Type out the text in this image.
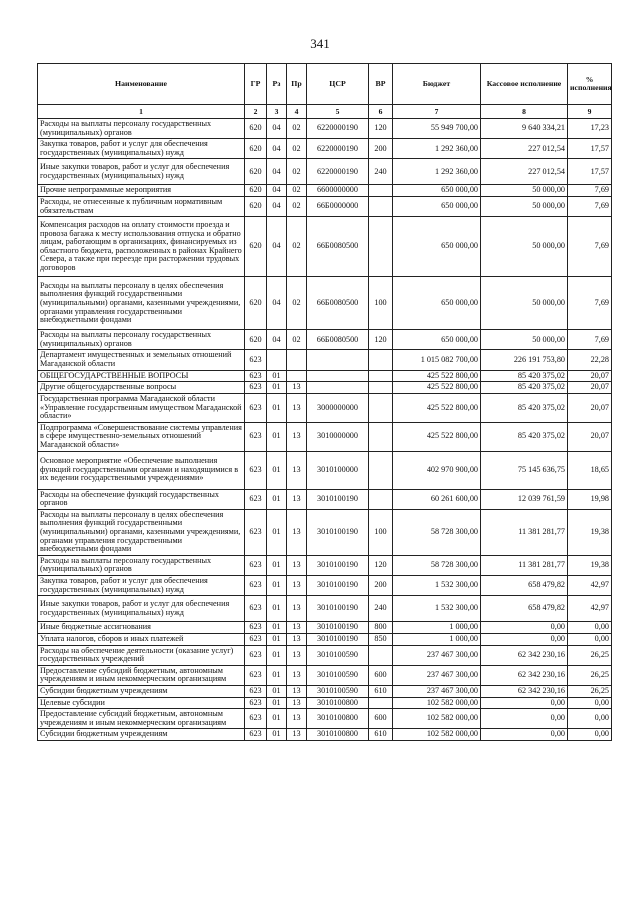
341
Наименование	ГР	Рз	Пр	ЦСР	ВР	Бюджет	Кассовое исполнение	% исполнения
1	2	3	4	5	6	7	8	9
Расходы на выплаты персоналу государственных (муниципальных) органов	620	04	02	6220000190	120	55 949 700,00	9 640 334,21	17,23
Закупка товаров, работ и услуг для обеспечения государственных (муниципальных) нужд	620	04	02	6220000190	200	1 292 360,00	227 012,54	17,57
Иные закупки товаров, работ и услуг для обеспечения государственных (муниципальных) нужд	620	04	02	6220000190	240	1 292 360,00	227 012,54	17,57
Прочие непрограммные мероприятия	620	04	02	6600000000		650 000,00	50 000,00	7,69
Расходы, не отнесенные к публичным нормативным обязательствам	620	04	02	66Б0000000		650 000,00	50 000,00	7,69
Компенсация расходов на оплату стоимости проезда и провоза багажа к месту использования отпуска и обратно лицам, работающим в организациях, финансируемых из областного бюджета, расположенных в районах Крайнего Севера, а также при переезде при расторжении трудовых договоров	620	04	02	66Б0080500		650 000,00	50 000,00	7,69
Расходы на выплаты персоналу в целях обеспечения выполнения функций государственными (муниципальными) органами, казенными учреждениями, органами управления государственными внебюджетными фондами	620	04	02	66Б0080500	100	650 000,00	50 000,00	7,69
Расходы на выплаты персоналу государственных (муниципальных) органов	620	04	02	66Б0080500	120	650 000,00	50 000,00	7,69
Департамент имущественных и земельных отношений Магаданской области	623					1 015 082 700,00	226 191 753,80	22,28
ОБЩЕГОСУДАРСТВЕННЫЕ ВОПРОСЫ	623	01				425 522 800,00	85 420 375,02	20,07
Другие общегосударственные вопросы	623	01	13			425 522 800,00	85 420 375,02	20,07
Государственная программа Магаданской области «Управление государственным имуществом Магаданской области»	623	01	13	3000000000		425 522 800,00	85 420 375,02	20,07
Подпрограмма «Совершенствование системы управления в сфере имущественно-земельных отношений Магаданской области»	623	01	13	3010000000		425 522 800,00	85 420 375,02	20,07
Основное мероприятие «Обеспечение выполнения функций государственными органами и находящимися в их ведении государственными учреждениями»	623	01	13	3010100000		402 970 900,00	75 145 636,75	18,65
Расходы на обеспечение функций государственных органов	623	01	13	3010100190		60 261 600,00	12 039 761,59	19,98
Расходы на выплаты персоналу в целях обеспечения выполнения функций государственными (муниципальными) органами, казенными учреждениями, органами управления государственными внебюджетными фондами	623	01	13	3010100190	100	58 728 300,00	11 381 281,77	19,38
Расходы на выплаты персоналу государственных (муниципальных) органов	623	01	13	3010100190	120	58 728 300,00	11 381 281,77	19,38
Закупка товаров, работ и услуг для обеспечения государственных (муниципальных) нужд	623	01	13	3010100190	200	1 532 300,00	658 479,82	42,97
Иные закупки товаров, работ и услуг для обеспечения государственных (муниципальных) нужд	623	01	13	3010100190	240	1 532 300,00	658 479,82	42,97
Иные бюджетные ассигнования	623	01	13	3010100190	800	1 000,00	0,00	0,00
Уплата налогов, сборов и иных платежей	623	01	13	3010100190	850	1 000,00	0,00	0,00
Расходы на обеспечение деятельности (оказание услуг) государственных учреждений	623	01	13	3010100590		237 467 300,00	62 342 230,16	26,25
Предоставление субсидий бюджетным, автономным учреждениям и иным некоммерческим организациям	623	01	13	3010100590	600	237 467 300,00	62 342 230,16	26,25
Субсидии бюджетным учреждениям	623	01	13	3010100590	610	237 467 300,00	62 342 230,16	26,25
Целевые субсидии	623	01	13	3010100800		102 582 000,00	0,00	0,00
Предоставление субсидий бюджетным, автономным учреждениям и иным некоммерческим организациям	623	01	13	3010100800	600	102 582 000,00	0,00	0,00
Субсидии бюджетным учреждениям	623	01	13	3010100800	610	102 582 000,00	0,00	0,00
